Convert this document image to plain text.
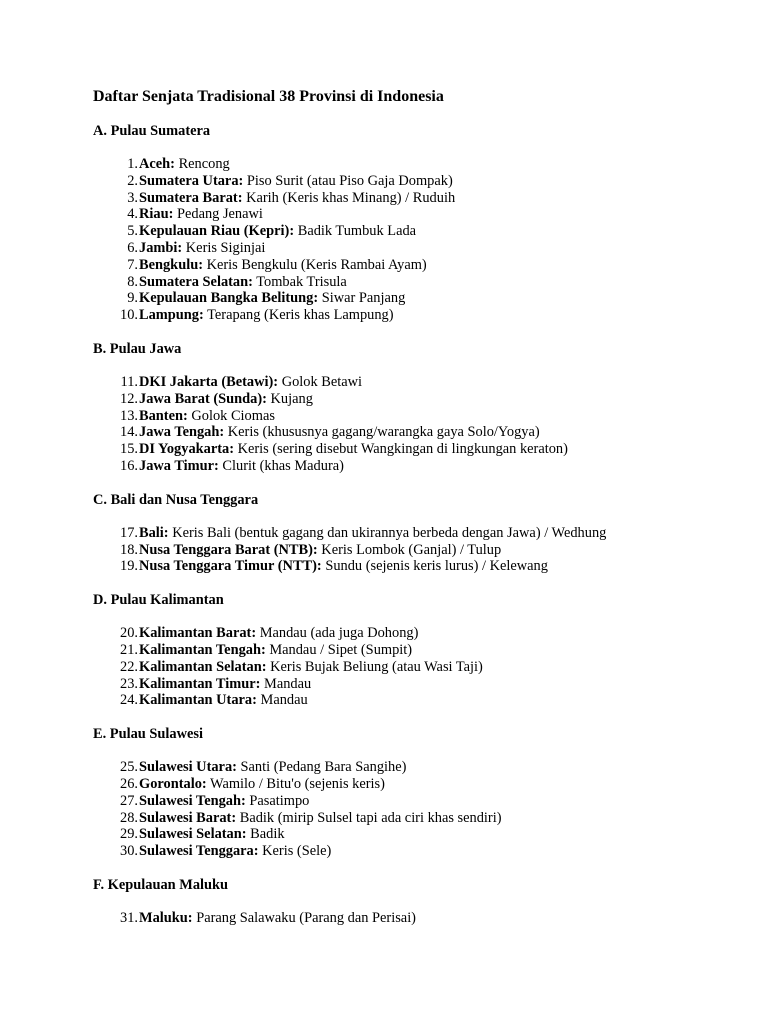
Daftar Senjata Tradisional 38 Provinsi di Indonesia
A. Pulau Sumatera
1. Aceh: Rencong
2. Sumatera Utara: Piso Surit (atau Piso Gaja Dompak)
3. Sumatera Barat: Karih (Keris khas Minang) / Ruduih
4. Riau: Pedang Jenawi
5. Kepulauan Riau (Kepri): Badik Tumbuk Lada
6. Jambi: Keris Siginjai
7. Bengkulu: Keris Bengkulu (Keris Rambai Ayam)
8. Sumatera Selatan: Tombak Trisula
9. Kepulauan Bangka Belitung: Siwar Panjang
10. Lampung: Terapang (Keris khas Lampung)
B. Pulau Jawa
11. DKI Jakarta (Betawi): Golok Betawi
12. Jawa Barat (Sunda): Kujang
13. Banten: Golok Ciomas
14. Jawa Tengah: Keris (khususnya gagang/warangka gaya Solo/Yogya)
15. DI Yogyakarta: Keris (sering disebut Wangkingan di lingkungan keraton)
16. Jawa Timur: Clurit (khas Madura)
C. Bali dan Nusa Tenggara
17. Bali: Keris Bali (bentuk gagang dan ukirannya berbeda dengan Jawa) / Wedhung
18. Nusa Tenggara Barat (NTB): Keris Lombok (Ganjal) / Tulup
19. Nusa Tenggara Timur (NTT): Sundu (sejenis keris lurus) / Kelewang
D. Pulau Kalimantan
20. Kalimantan Barat: Mandau (ada juga Dohong)
21. Kalimantan Tengah: Mandau / Sipet (Sumpit)
22. Kalimantan Selatan: Keris Bujak Beliung (atau Wasi Taji)
23. Kalimantan Timur: Mandau
24. Kalimantan Utara: Mandau
E. Pulau Sulawesi
25. Sulawesi Utara: Santi (Pedang Bara Sangihe)
26. Gorontalo: Wamilo / Bitu'o (sejenis keris)
27. Sulawesi Tengah: Pasatimpo
28. Sulawesi Barat: Badik (mirip Sulsel tapi ada ciri khas sendiri)
29. Sulawesi Selatan: Badik
30. Sulawesi Tenggara: Keris (Sele)
F. Kepulauan Maluku
31. Maluku: Parang Salawaku (Parang dan Perisai)
